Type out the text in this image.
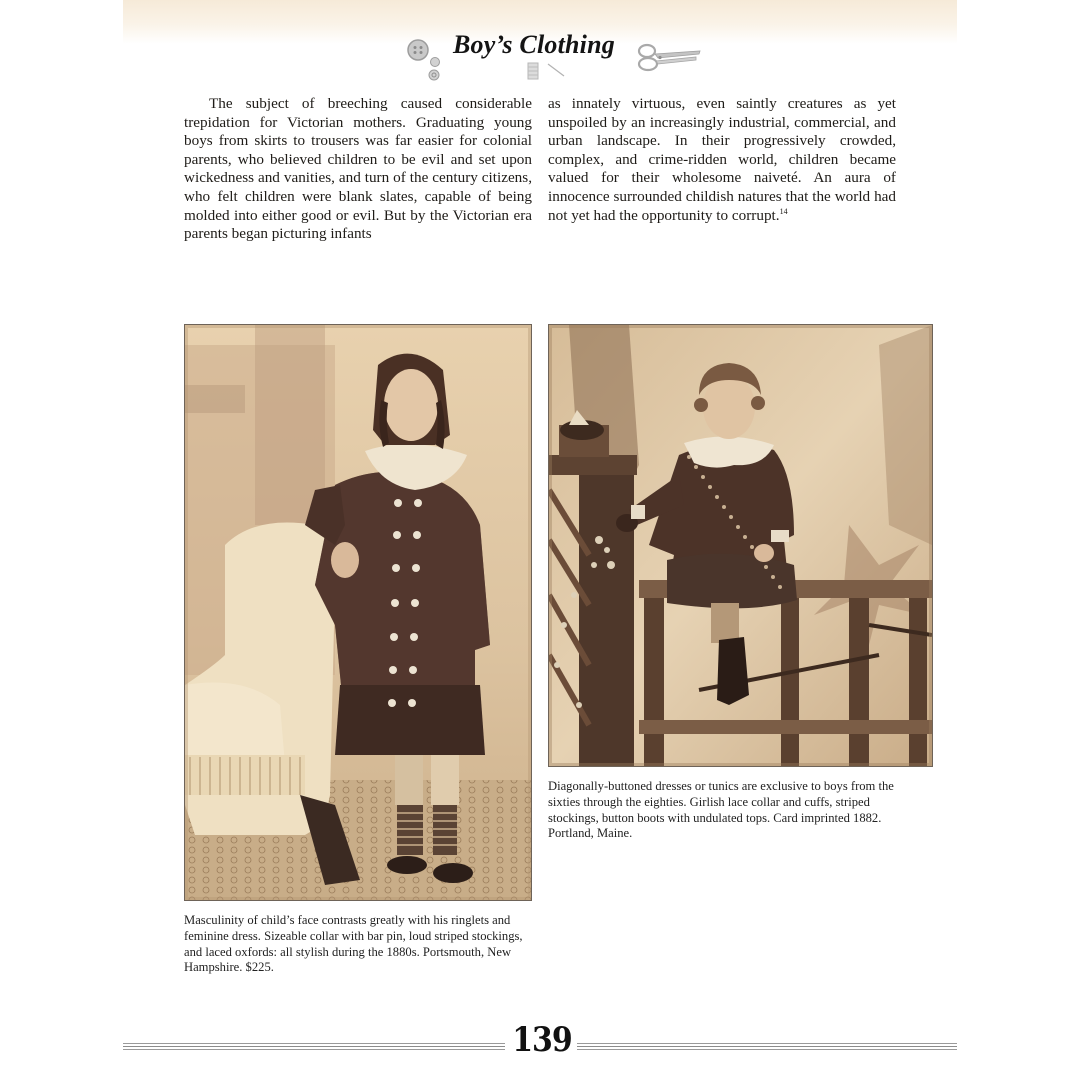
Boy’s Clothing

The subject of breeching caused considerable trepidation for Victorian mothers. Graduating young boys from skirts to trousers was far easier for colonial parents, who believed children to be evil and set upon wickedness and vanities, and turn of the century citizens, who felt children were blank slates, capable of being molded into either good or evil. But by the Victorian era parents began picturing infants

as innately virtuous, even saintly creatures as yet unspoiled by an increasingly industrial, commercial, and urban landscape. In their progressively crowded, complex, and crime-ridden world, children became valued for their wholesome naiveté. An aura of innocence surrounded childish natures that the world had not yet had the opportunity to corrupt.$^{14}$

Masculinity of child’s face contrasts greatly with his ringlets and feminine dress. Sizeable collar with bar pin, loud striped stockings, and laced oxfords: all stylish during the 1880s. Portsmouth, New Hampshire. $225.
Diagonally-buttoned dresses or tunics are exclusive to boys from the sixties through the eighties. Girlish lace collar and cuffs, striped stockings, button boots with undulated tops. Card imprinted 1882. Portland, Maine.
139
